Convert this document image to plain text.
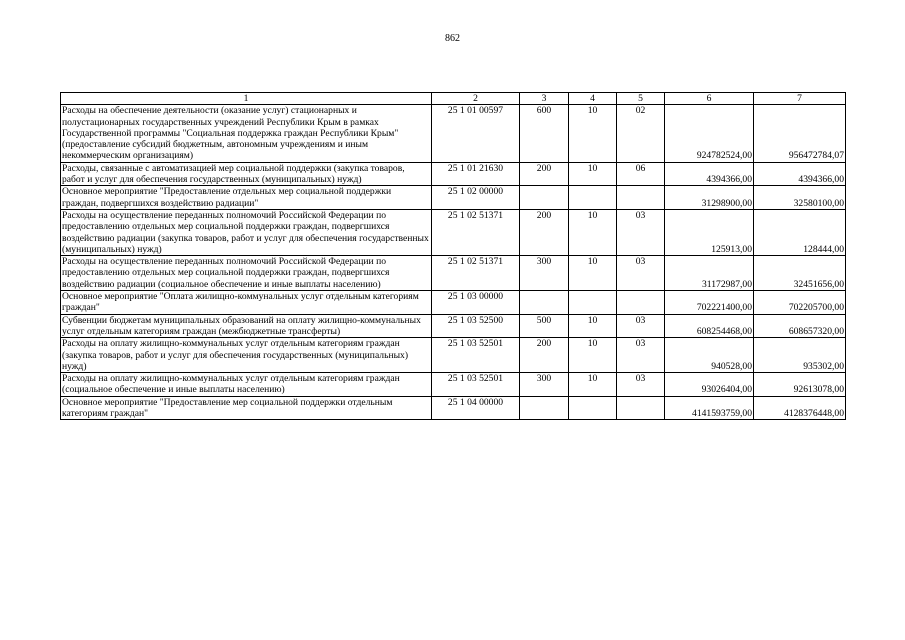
862
1	2	3	4	5	6	7
Расходы на обеспечение деятельности (оказание услуг) стационарных и полустационарных государственных учреждений Республики Крым в рамках Государственной программы "Социальная поддержка граждан Республики Крым" (предоставление субсидий бюджетным, автономным учреждениям и иным некоммерческим организациям)	25 1 01 00597	600	10	02	924782524,00	956472784,07
Расходы, связанные с автоматизацией мер социальной поддержки (закупка товаров, работ и услуг для обеспечения государственных (муниципальных) нужд)	25 1 01 21630	200	10	06	4394366,00	4394366,00
Основное мероприятие "Предоставление отдельных мер социальной поддержки граждан, подвергшихся воздействию радиации"	25 1 02 00000				31298900,00	32580100,00
Расходы на осуществление переданных полномочий Российской Федерации по предоставлению отдельных мер социальной поддержки граждан, подвергшихся воздействию радиации (закупка товаров, работ и услуг для обеспечения государственных (муниципальных) нужд)	25 1 02 51371	200	10	03	125913,00	128444,00
Расходы на осуществление переданных полномочий Российской Федерации по предоставлению отдельных мер социальной поддержки граждан, подвергшихся воздействию радиации (социальное обеспечение и иные выплаты населению)	25 1 02 51371	300	10	03	31172987,00	32451656,00
Основное мероприятие "Оплата жилищно-коммунальных услуг отдельным категориям граждан"	25 1 03 00000				702221400,00	702205700,00
Субвенции бюджетам муниципальных образований на оплату жилищно-коммунальных услуг отдельным категориям граждан (межбюджетные трансферты)	25 1 03 52500	500	10	03	608254468,00	608657320,00
Расходы на оплату жилищно-коммунальных услуг отдельным категориям граждан (закупка товаров, работ и услуг для обеспечения государственных (муниципальных) нужд)	25 1 03 52501	200	10	03	940528,00	935302,00
Расходы на оплату жилищно-коммунальных услуг отдельным категориям граждан (социальное обеспечение и иные выплаты населению)	25 1 03 52501	300	10	03	93026404,00	92613078,00
Основное мероприятие "Предоставление мер социальной поддержки отдельным категориям граждан"	25 1 04 00000				4141593759,00	4128376448,00
